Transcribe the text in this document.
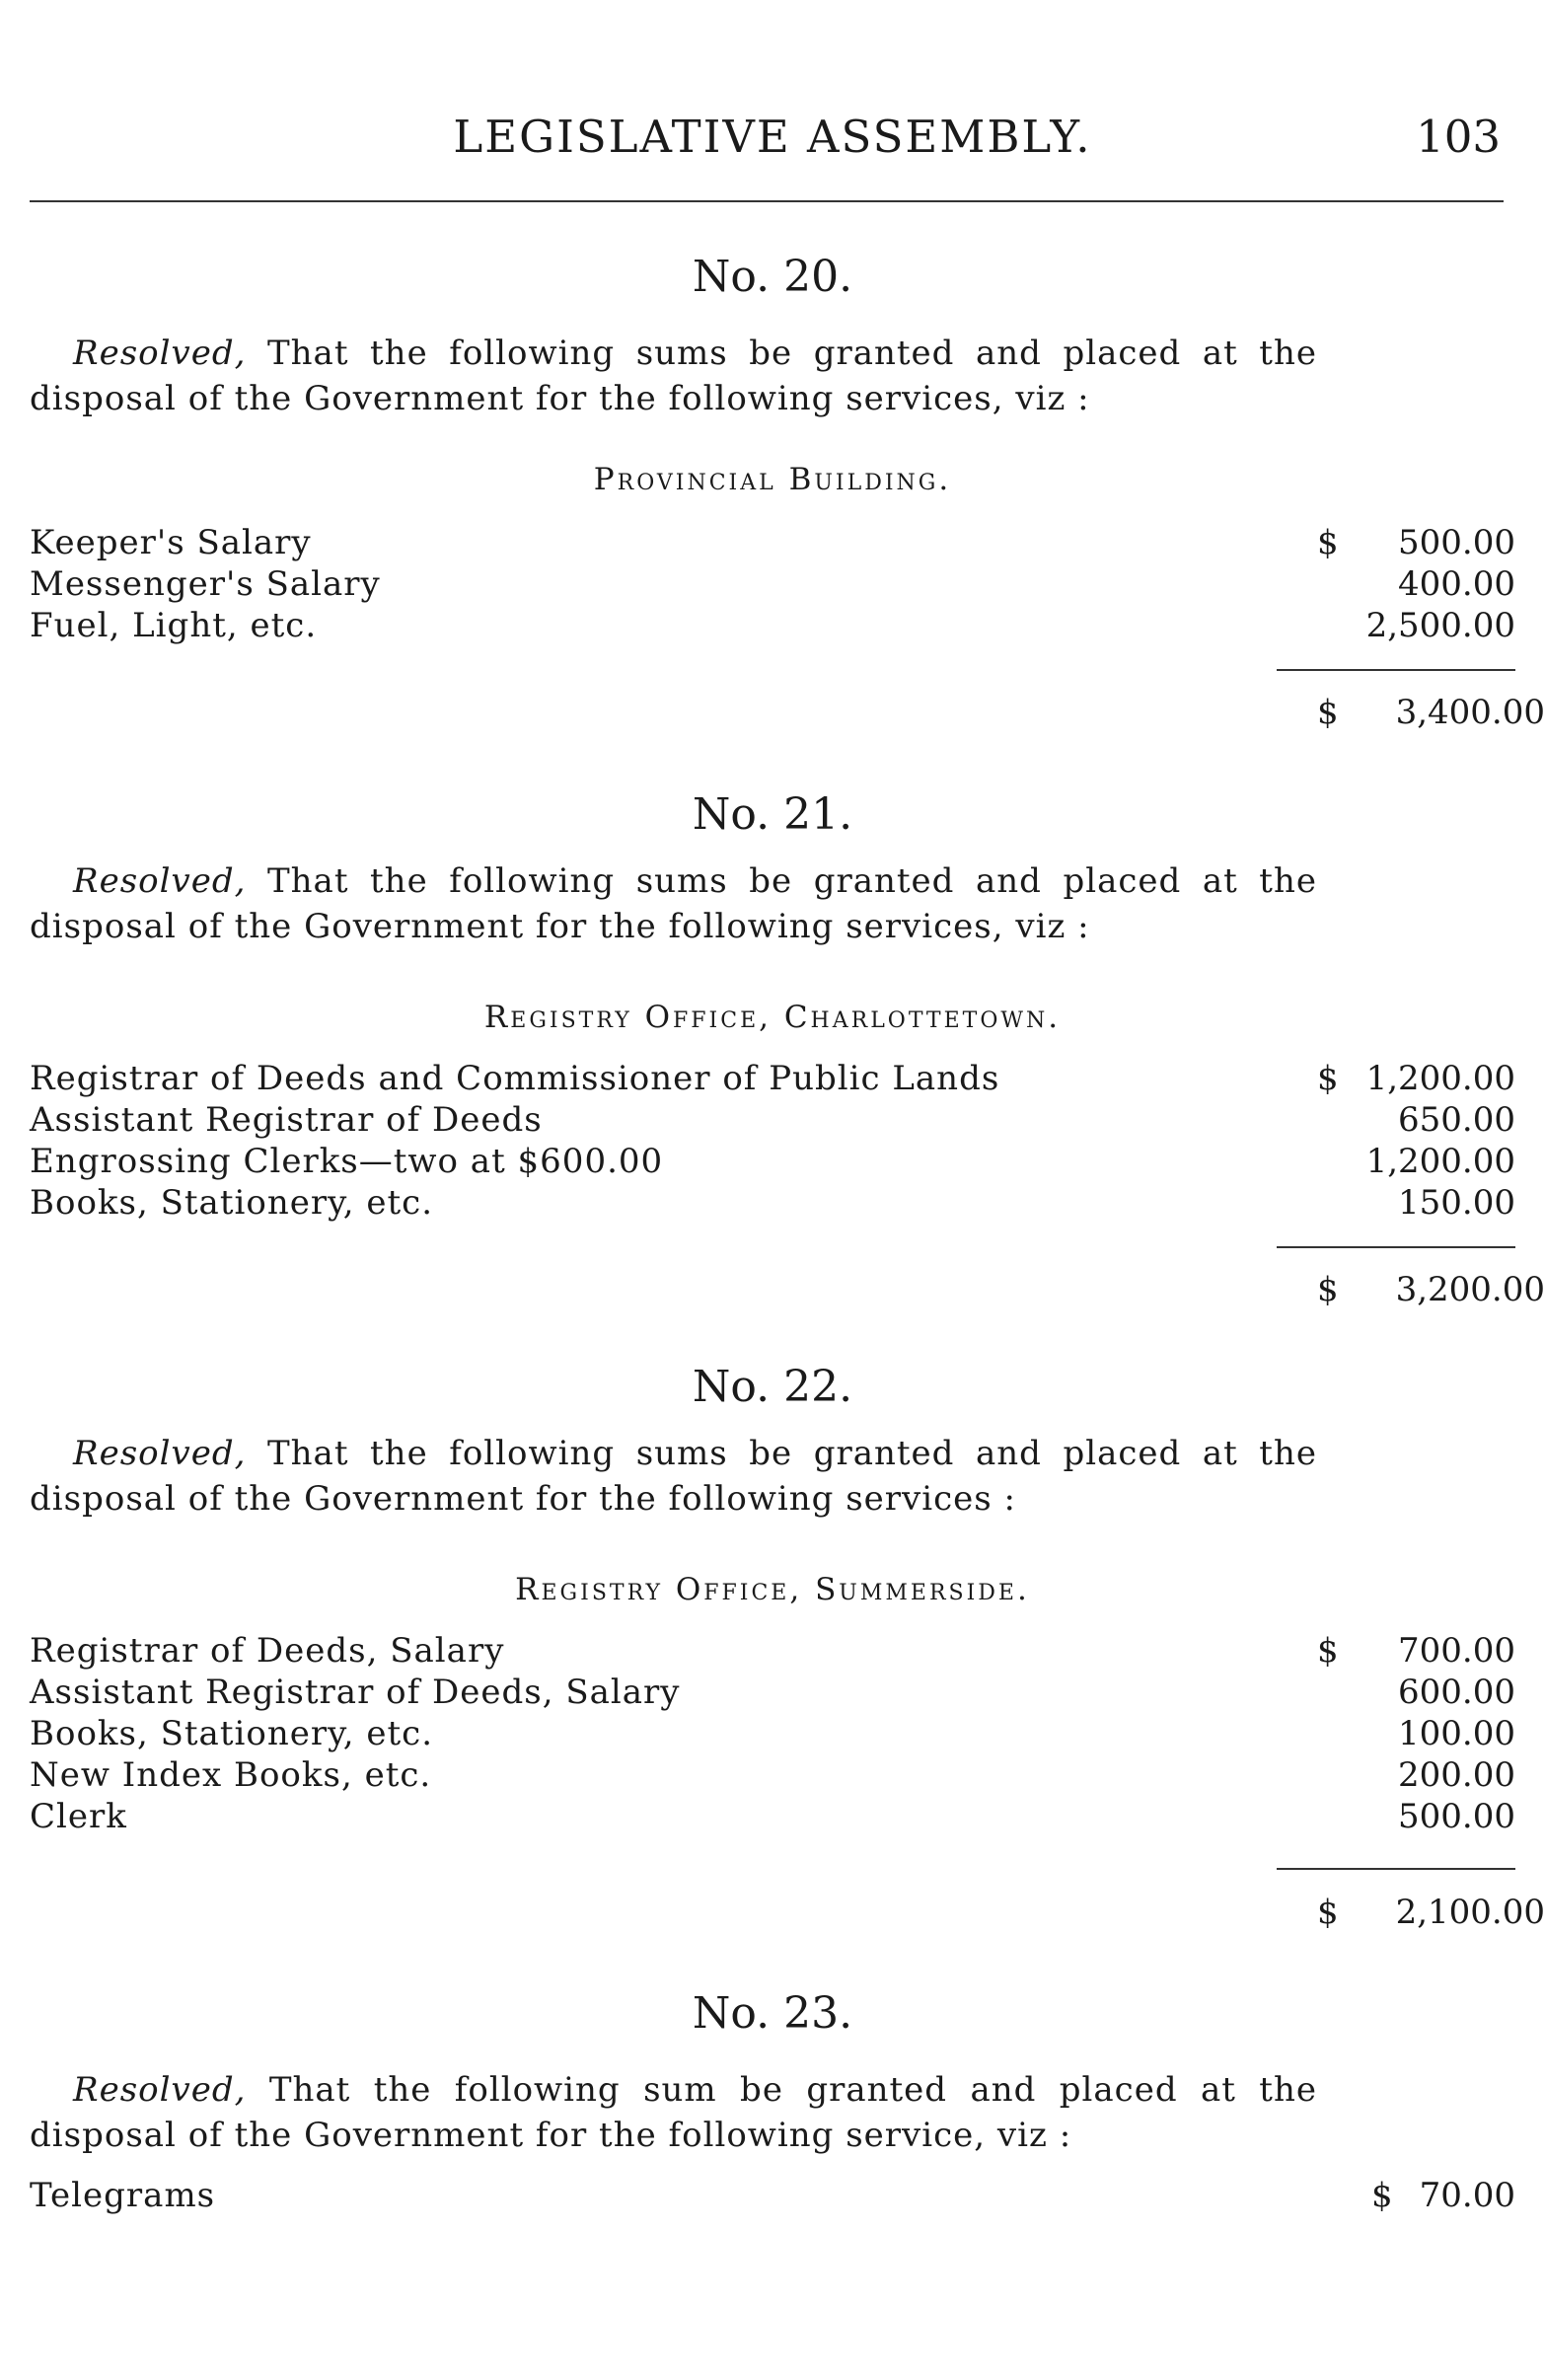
LEGISLATIVE ASSEMBLY.	103
No. 20.
Resolved, That the following sums be granted and placed at the disposal of the Government for the following services, viz :
Provincial Building.
Keeper's Salary	$ 500.00
Messenger's Salary	400.00
Fuel, Light, etc.	2,500.00
$ 3,400.00
No. 21.
Resolved, That the following sums be granted and placed at the disposal of the Government for the following services, viz :
Registry Office, Charlottetown.
Registrar of Deeds and Commissioner of Public Lands	$ 1,200.00
Assistant Registrar of Deeds	650.00
Engrossing Clerks—two at $600.00	1,200.00
Books, Stationery, etc.	150.00
$ 3,200.00
No. 22.
Resolved, That the following sums be granted and placed at the disposal of the Government for the following services :
Registry Office, Summerside.
Registrar of Deeds, Salary	$ 700.00
Assistant Registrar of Deeds, Salary	600.00
Books, Stationery, etc.	100.00
New Index Books, etc.	200.00
Clerk	500.00
$ 2,100.00
No. 23.
Resolved, That the following sum be granted and placed at the disposal of the Government for the following service, viz :
Telegrams	$ 70.00
